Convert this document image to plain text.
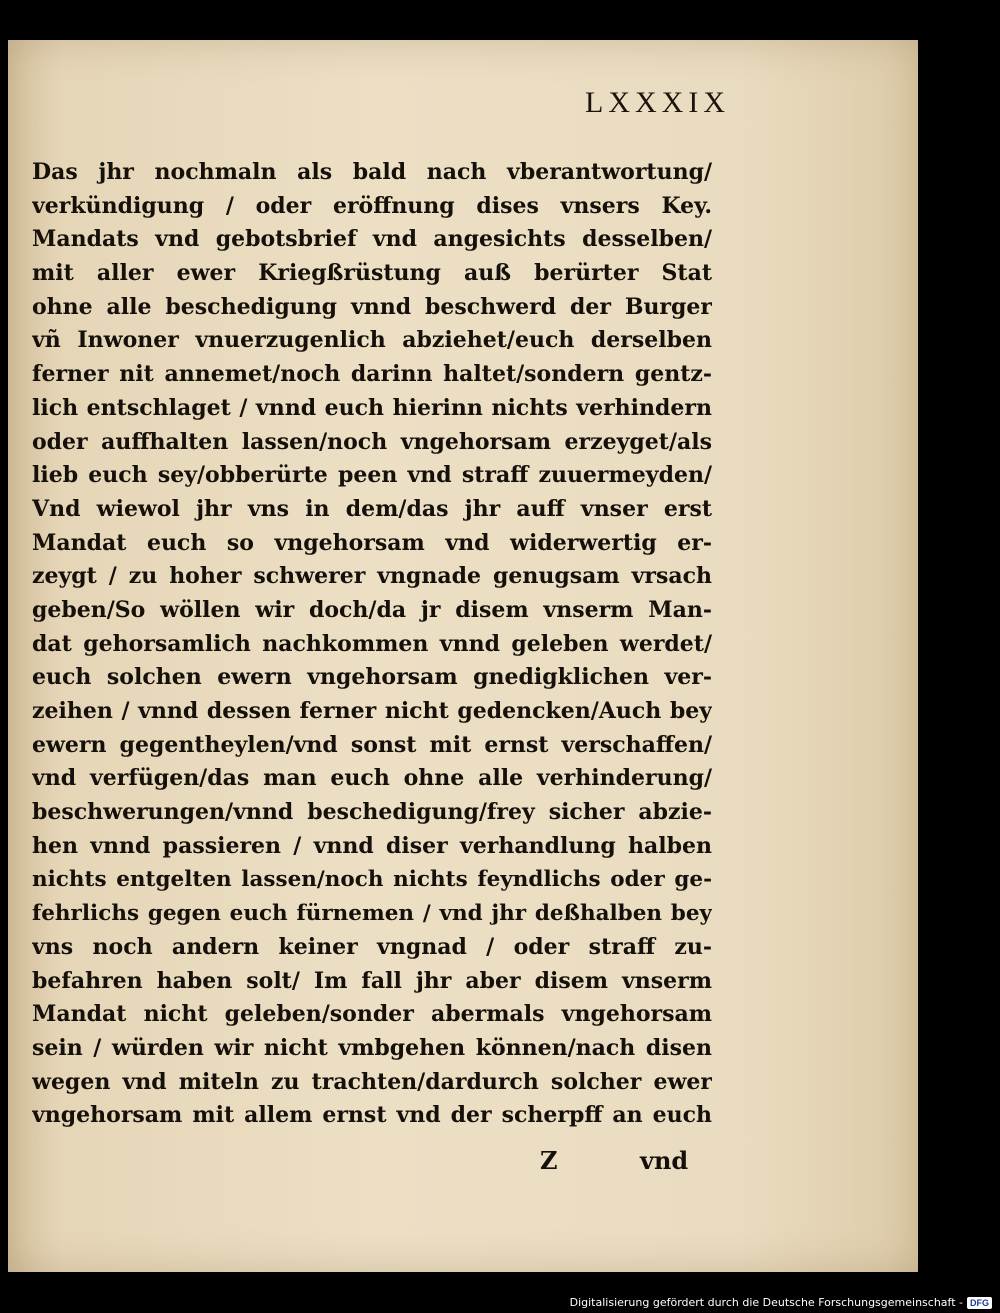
LXXXIX
Das jhr nochmaln als bald nach vberantwortung/
verkündigung / oder eröffnung dises vnsers Key.
Mandats vnd gebotsbrief vnd angesichts desselben/
mit aller ewer Kriegßrüstung auß berürter Stat
ohne alle beschedigung vnnd beschwerd der Burger
vñ Inwoner vnuerzugenlich abziehet/euch derselben
ferner nit annemet/noch darinn haltet/sondern gentz-
lich entschlaget / vnnd euch hierinn nichts verhindern
oder auffhalten lassen/noch vngehorsam erzeyget/als
lieb euch sey/obberürte peen vnd straff zuuermeyden/
Vnd wiewol jhr vns in dem/das jhr auff vnser erst
Mandat euch so vngehorsam vnd widerwertig er-
zeygt / zu hoher schwerer vngnade genugsam vrsach
geben/So wöllen wir doch/da jr disem vnserm Man-
dat gehorsamlich nachkommen vnnd geleben werdet/
euch solchen ewern vngehorsam gnedigklichen ver-
zeihen / vnnd dessen ferner nicht gedencken/Auch bey
ewern gegentheylen/vnd sonst mit ernst verschaffen/
vnd verfügen/das man euch ohne alle verhinderung/
beschwerungen/vnnd beschedigung/frey sicher abzie-
hen vnnd passieren / vnnd diser verhandlung halben
nichts entgelten lassen/noch nichts feyndlichs oder ge-
fehrlichs gegen euch fürnemen / vnd jhr deßhalben bey
vns noch andern keiner vngnad / oder straff zu-
befahren haben solt/ Im fall jhr aber disem vnserm
Mandat nicht geleben/sonder abermals vngehorsam
sein / würden wir nicht vmbgehen können/nach disen
wegen vnd miteln zu trachten/dardurch solcher ewer
vngehorsam mit allem ernst vnd der scherpff an euch
Z	vnd
Digitalisierung gefördert durch die Deutsche Forschungsgemeinschaft - DFG
